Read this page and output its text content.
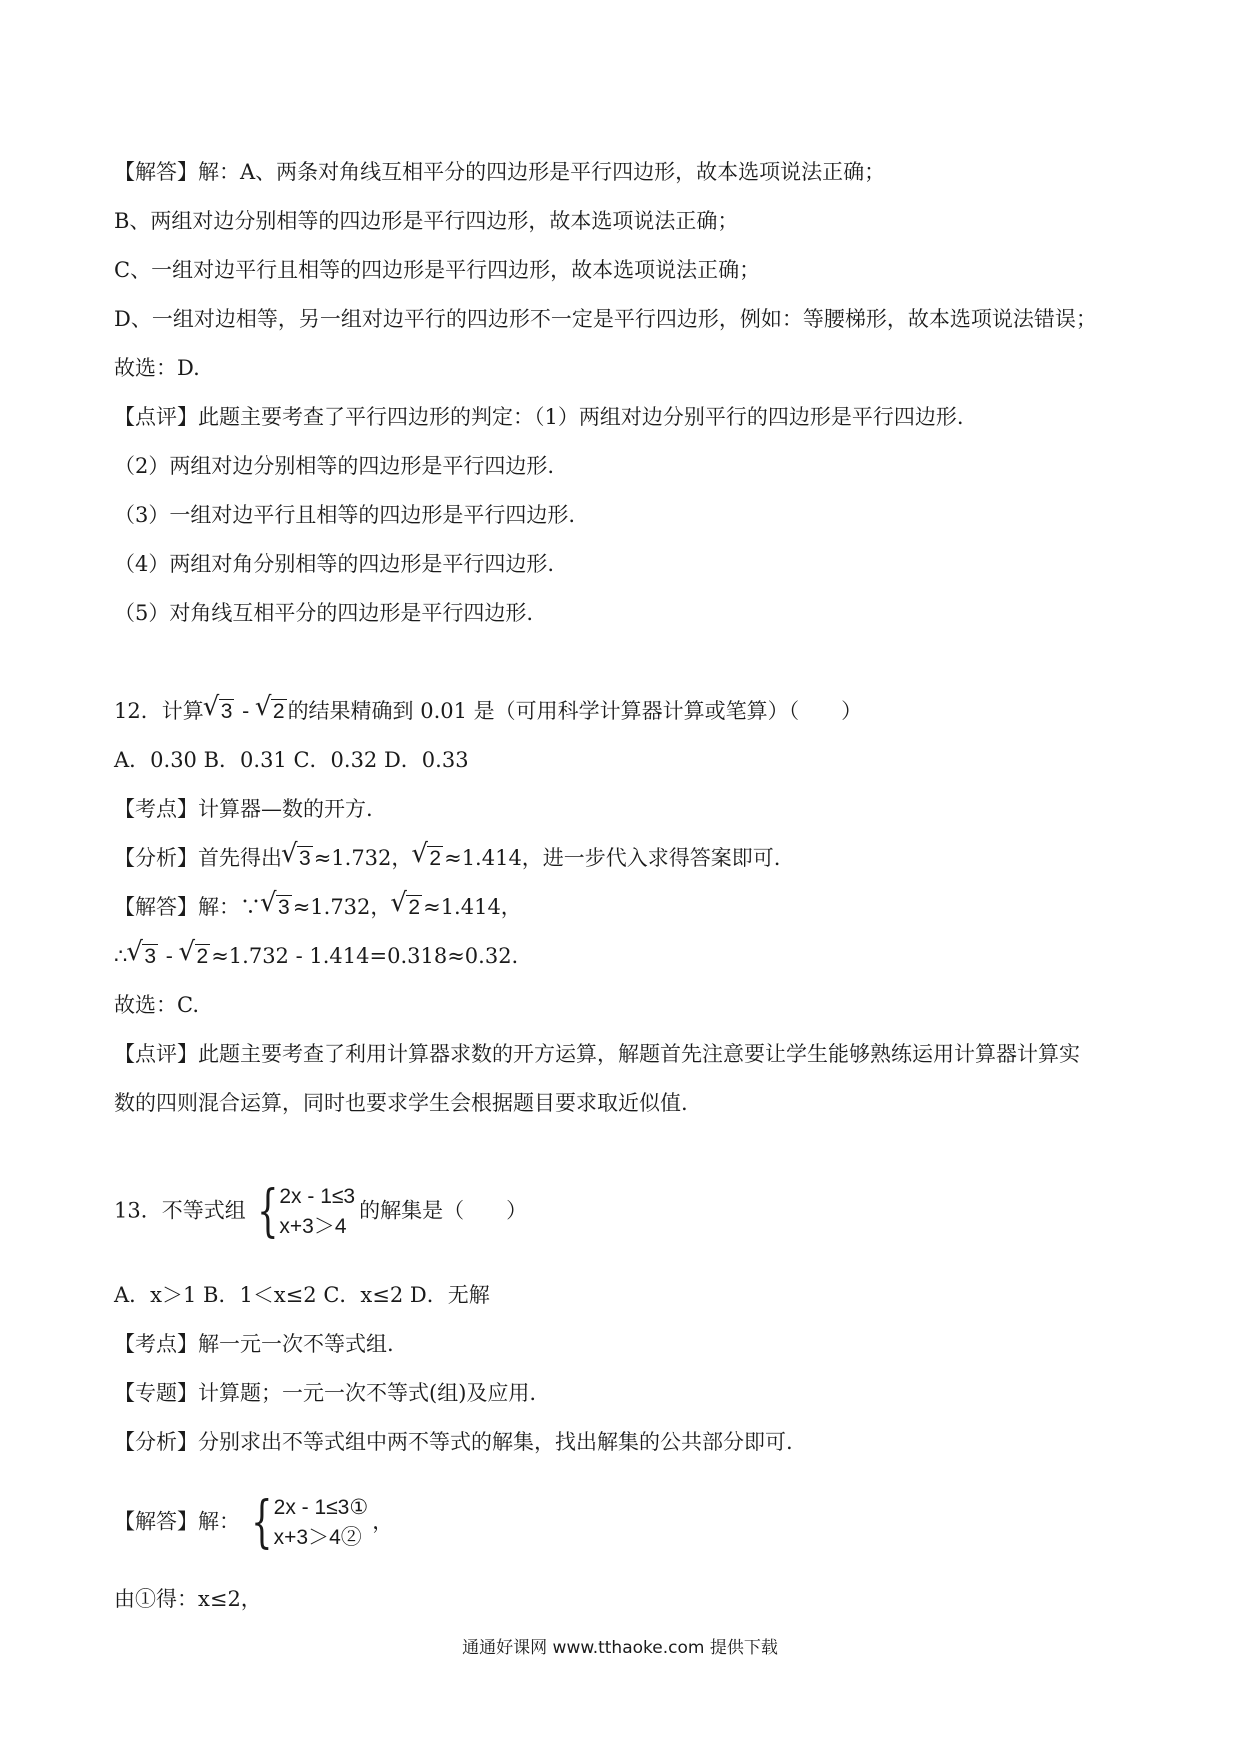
【解答】解：A、两条对角线互相平分的四边形是平行四边形，故本选项说法正确；
B、两组对边分别相等的四边形是平行四边形，故本选项说法正确；
C、一组对边平行且相等的四边形是平行四边形，故本选项说法正确；
D、一组对边相等，另一组对边平行的四边形不一定是平行四边形，例如：等腰梯形，故本选项说法错误；
故选：D.
【点评】此题主要考查了平行四边形的判定：（1）两组对边分别平行的四边形是平行四边形.
（2）两组对边分别相等的四边形是平行四边形.
（3）一组对边平行且相等的四边形是平行四边形.
（4）两组对角分别相等的四边形是平行四边形.
（5）对角线互相平分的四边形是平行四边形.
12．计算 √ 3 - √ 2 的结果精确到 0.01 是（可用科学计算器计算或笔算）（　　）
A．0.30 B．0.31 C．0.32 D．0.33
【考点】计算器—数的开方.
【分析】首先得出 √ 3 ≈1.732， √ 2 ≈1.414，进一步代入求得答案即可.
【解答】解：∵ √ 3 ≈1.732， √ 2 ≈1.414，
∴ √ 3 - √ 2 ≈1.732 - 1.414=0.318≈0.32.
故选：C.
【点评】此题主要考查了利用计算器求数的开方运算，解题首先注意要让学生能够熟练运用计算器计算实
数的四则混合运算，同时也要求学生会根据题目要求取近似值.
13．不等式组 { 2x - 1≤3
x+3＞4
的解集是（　　）
A．x＞1 B．1＜x≤2 C．x≤2 D．无解
【考点】解一元一次不等式组.
【专题】计算题；一元一次不等式(组)及应用.
【分析】分别求出不等式组中两不等式的解集，找出解集的公共部分即可.
【解答】解： { 2x - 1≤3①
x+3＞4②
，
由①得：x≤2，
通通好课网 www.tthaoke.com 提供下载
